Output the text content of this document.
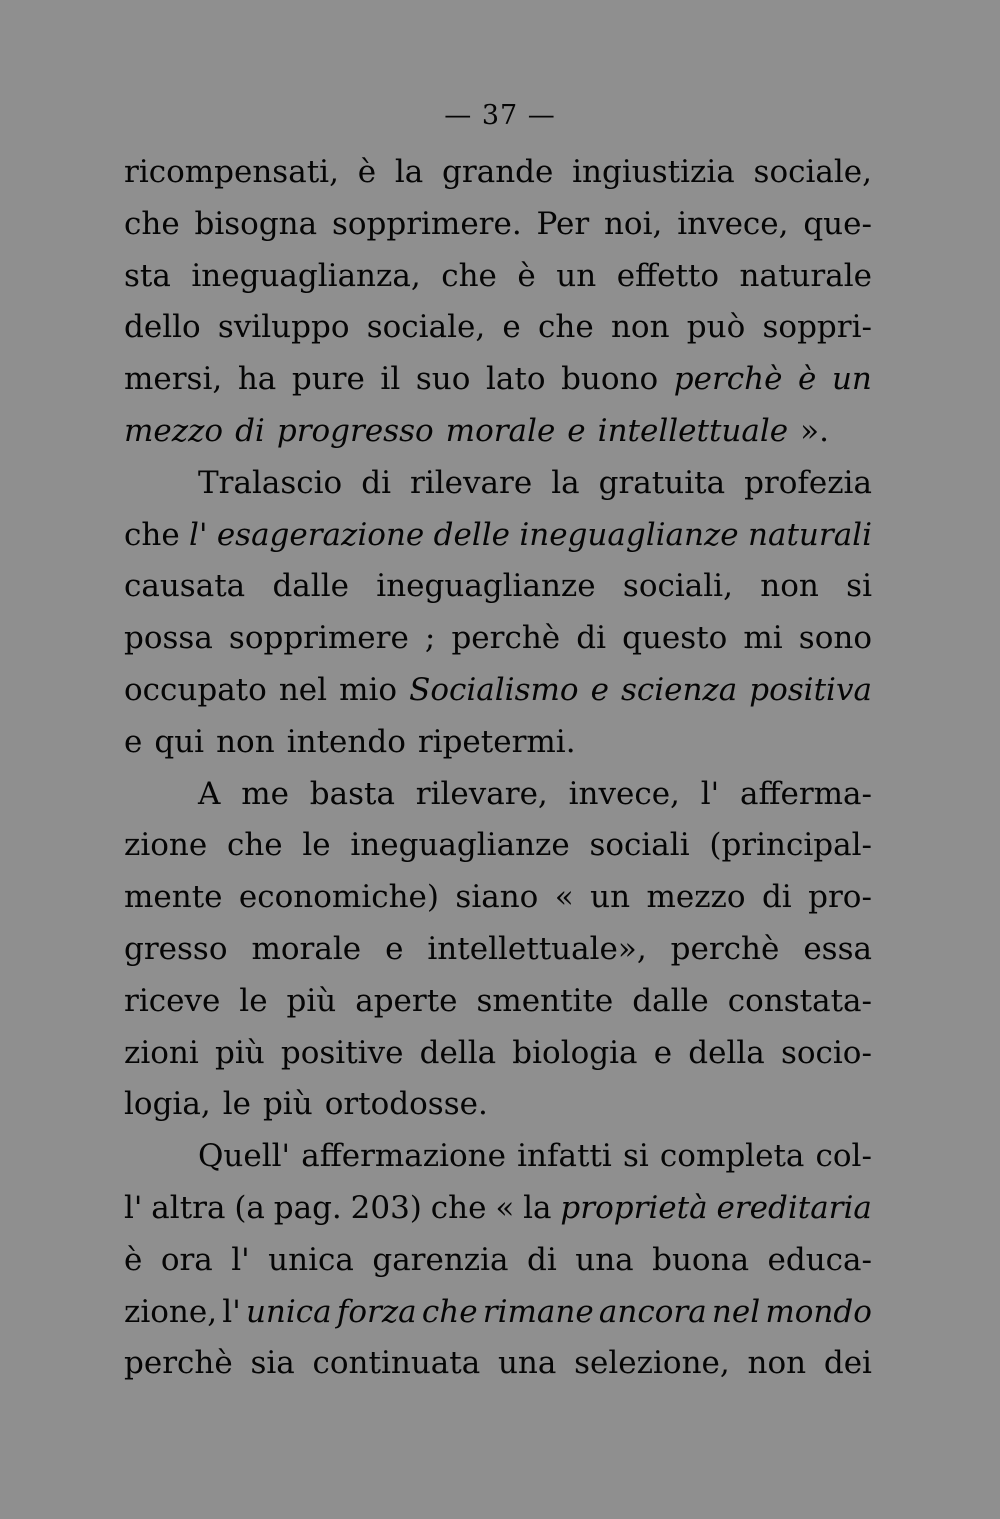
— 37 —
ricompensati, è la grande ingiustizia sociale,
che bisogna sopprimere. Per noi, invece, que-
sta ineguaglianza, che è un effetto naturale
dello sviluppo sociale, e che non può soppri-
mersi, ha pure il suo lato buono perchè è un
mezzo di progresso morale e intellettuale ».
Tralascio di rilevare la gratuita profezia
che l' esagerazione delle ineguaglianze naturali
causata dalle ineguaglianze sociali, non si
possa sopprimere ; perchè di questo mi sono
occupato nel mio Socialismo e scienza positiva
e qui non intendo ripetermi.
A me basta rilevare, invece, l' afferma-
zione che le ineguaglianze sociali (principal-
mente economiche) siano « un mezzo di pro-
gresso morale e intellettuale», perchè essa
riceve le più aperte smentite dalle constata-
zioni più positive della biologia e della socio-
logia, le più ortodosse.
Quell' affermazione infatti si completa col-
l' altra (a pag. 203) che « la proprietà ereditaria
è ora l' unica garenzia di una buona educa-
zione, l' unica forza che rimane ancora nel mondo
perchè sia continuata una selezione, non dei
